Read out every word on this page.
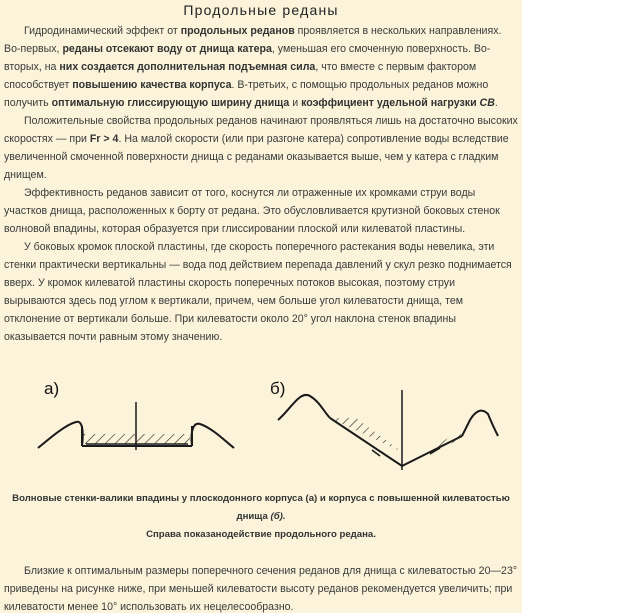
Продольные реданы

Гидродинамический эффект от продольных реданов проявляется в нескольких направлениях. Во-первых, реданы отсекают воду от днища катера, уменьшая его смоченную поверхность. Во-вторых, на них создается дополнительная подъемная сила, что вместе с первым фактором способствует повышению качества корпуса. В-третьих, с помощью продольных реданов можно получить оптимальную глиссирующую ширину днища и коэффициент удельной нагрузки CB.

Положительные свойства продольных реданов начинают проявляться лишь на достаточно высоких скоростях — при Fr > 4. На малой скорости (или при разгоне катера) сопротивление воды вследствие увеличенной смоченной поверхности днища с реданами оказывается выше, чем у катера с гладким днищем.

Эффективность реданов зависит от того, коснутся ли отраженные их кромками струи воды участков днища, расположенных к борту от редана. Это обусловливается крутизной боковых стенок волновой впадины, которая образуется при глиссировании плоской или килеватой пластины.

У боковых кромок плоской пластины, где скорость поперечного растекания воды невелика, эти стенки практически вертикальны — вода под действием перепада давлений у скул резко поднимается вверх. У кромок килеватой пластины скорость поперечных потоков высокая, поэтому струи вырываются здесь под углом к вертикали, причем, чем больше угол килеватости днища, тем отклонение от вертикали больше. При килеватости около 20° угол наклона стенок впадины оказывается почти равным этому значению.

а)	б)
Волновые стенки-валики впадины у плоскодонного корпуса (а) и корпуса с повышенной килеватостью днища (б).
Справа показанодействие продольного редана.

Близкие к оптимальным размеры поперечного сечения реданов для днища с килеватостью 20—23° приведены на рисунке ниже, при меньшей килеватости высоту реданов рекомендуется увеличить; при килеватости менее 10° использовать их нецелесообразно.
